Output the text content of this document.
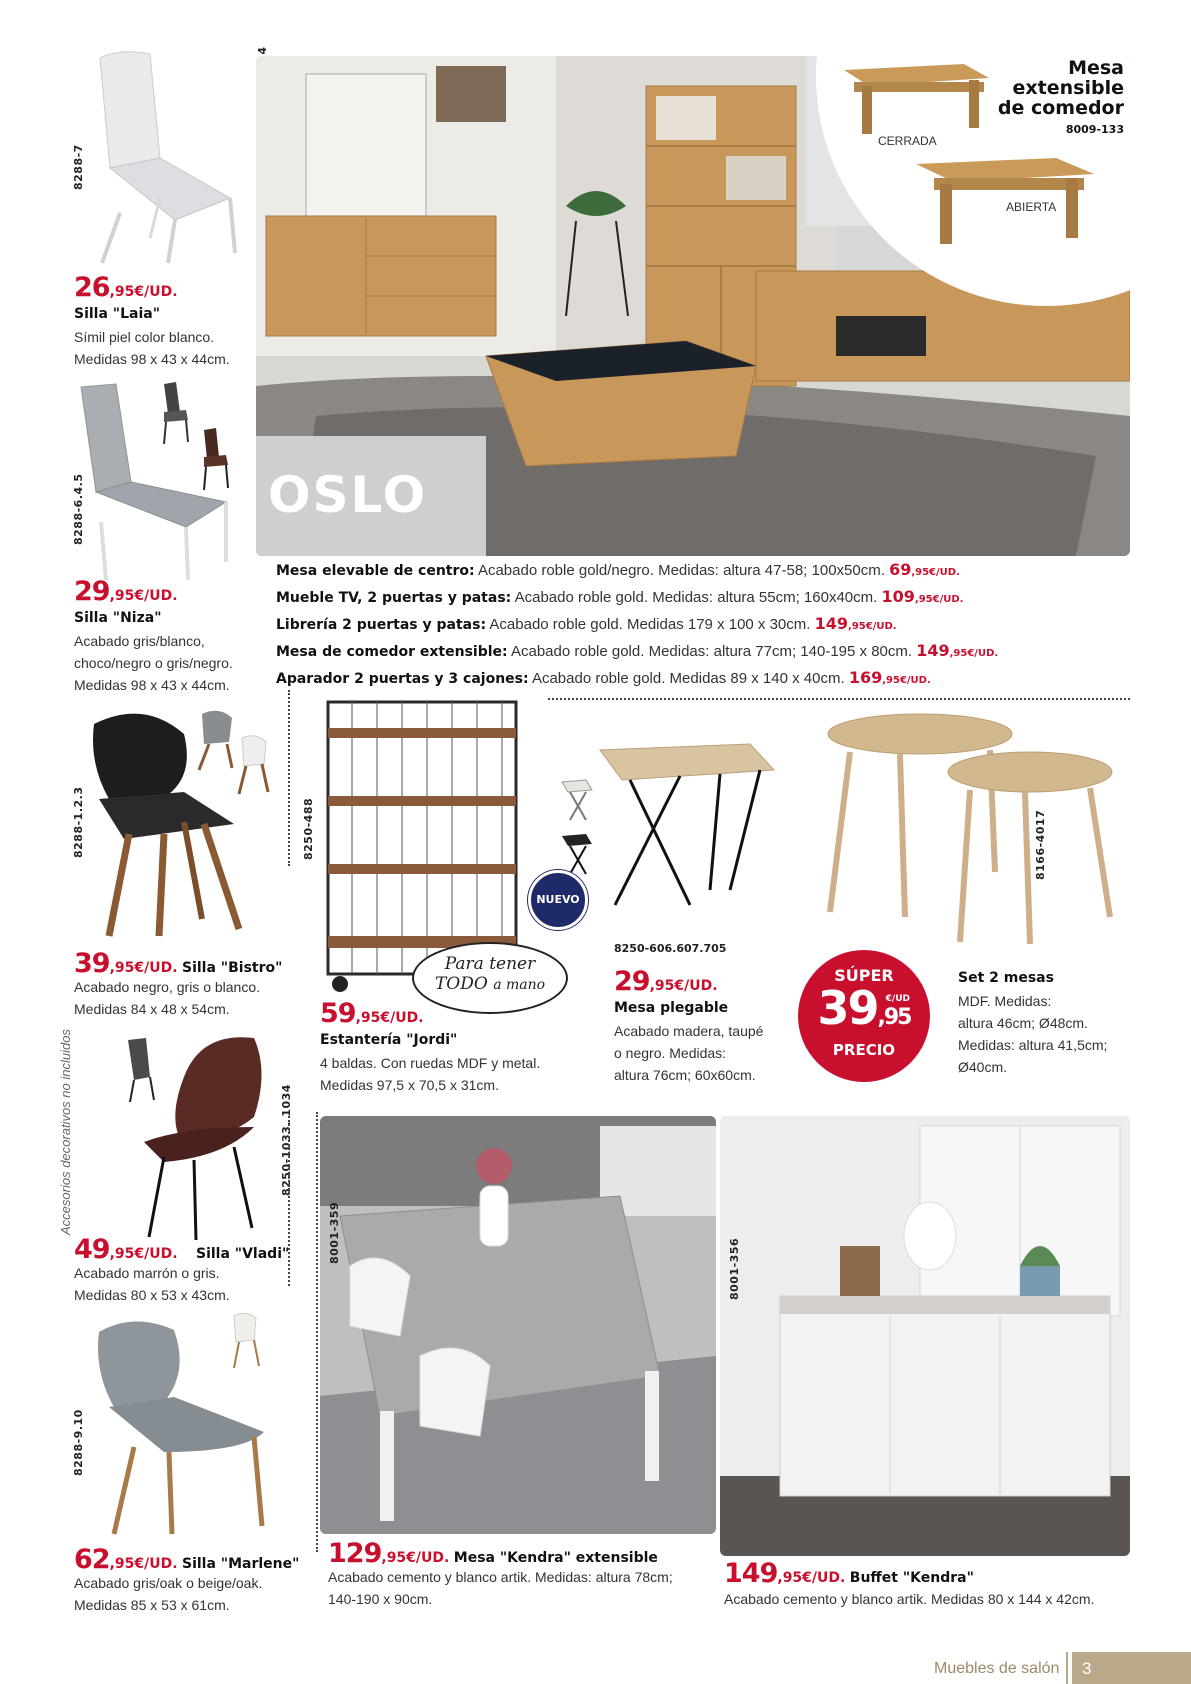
Accesorios decorativos no incluidos
8288-7
26,95€/UD.
Silla "Laia"
Símil piel color blanco.
Medidas 98 x 43 x 44cm.
8288-6.4.5
29,95€/UD.
Silla "Niza"
Acabado gris/blanco,
choco/negro o gris/negro.
Medidas 98 x 43 x 44cm.
8288-1.2.3
39,95€/UD. Silla "Bistro"
Acabado negro, gris o blanco.
Medidas 84 x 48 x 54cm.
8250-1033. 1034
49,95€/UD. Silla "Vladi"
Acabado marrón o gris.
Medidas 80 x 53 x 43cm.
8288-9.10
62,95€/UD. Silla "Marlene"
Acabado gris/oak o beige/oak.
Medidas 85 x 53 x 61cm.
OSLO
CERRADA
ABIERTA
Mesa
extensible
de comedor
8009-133
Mesa elevable de centro: Acabado roble gold/negro. Medidas: altura 47-58; 100x50cm. 69,95€/UD.
Mueble TV, 2 puertas y patas: Acabado roble gold. Medidas: altura 55cm; 160x40cm. 109,95€/UD.
Librería 2 puertas y patas: Acabado roble gold. Medidas 179 x 100 x 30cm. 149,95€/UD.
Mesa de comedor extensible: Acabado roble gold. Medidas: altura 77cm; 140-195 x 80cm. 149,95€/UD.
Aparador 2 puertas y 3 cajones: Acabado roble gold. Medidas 89 x 140 x 40cm. 169,95€/UD.
8250-488
Para tener
TODO a mano
59,95€/UD.
Estantería "Jordi"
4 baldas. Con ruedas MDF y metal.
Medidas 97,5 x 70,5 x 31cm.
NUEVO
8250-606.607.705
29,95€/UD.
Mesa plegable
Acabado madera, taupé
o negro. Medidas:
altura 76cm; 60x60cm.
SÚPER
39,95
€/UD
PRECIO
8166-4017
Set 2 mesas
MDF. Medidas:
altura 46cm; Ø48cm.
Medidas: altura 41,5cm;
Ø40cm.
8001-359
129,95€/UD. Mesa "Kendra" extensible
Acabado cemento y blanco artik. Medidas: altura 78cm;
140-190 x 90cm.
8001-356
149,95€/UD. Buffet "Kendra"
Acabado cemento y blanco artik. Medidas 80 x 144 x 42cm.
Muebles de salón	3
